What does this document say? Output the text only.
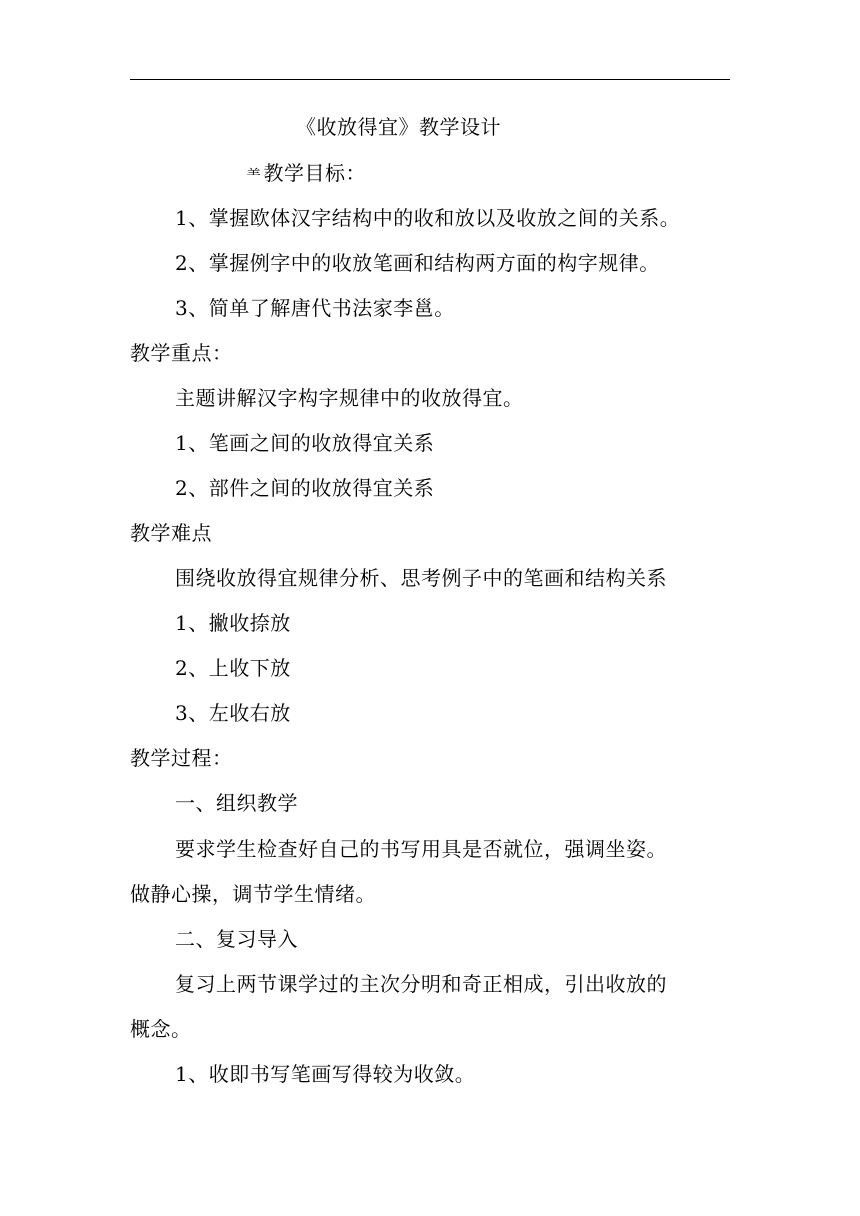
《收放得宜》教学设计
⺷ 教学目标：
1、掌握欧体汉字结构中的收和放以及收放之间的关系。
2、掌握例字中的收放笔画和结构两方面的构字规律。
3、简单了解唐代书法家李邕。
教学重点：
主题讲解汉字构字规律中的收放得宜。
1、笔画之间的收放得宜关系
2、部件之间的收放得宜关系
教学难点
围绕收放得宜规律分析、思考例子中的笔画和结构关系
1、撇收捺放
2、上收下放
3、左收右放
教学过程：
一、组织教学
要求学生检查好自己的书写用具是否就位，强调坐姿。
做静心操，调节学生情绪。
二、复习导入
复习上两节课学过的主次分明和奇正相成，引出收放的
概念。
1、收即书写笔画写得较为收敛。
